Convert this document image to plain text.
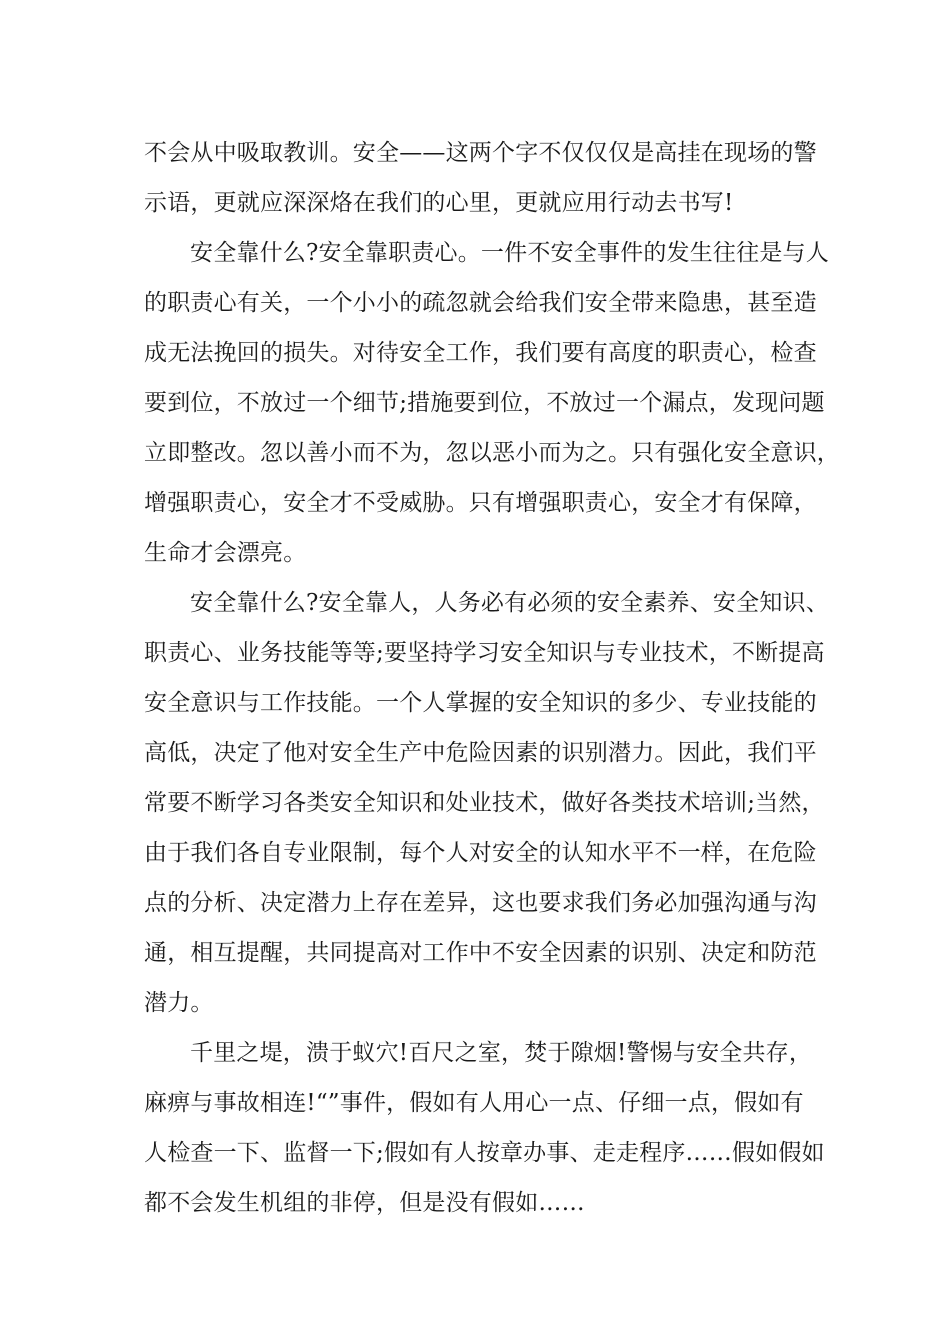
不会从中吸取教训。安全——这两个字不仅仅仅是高挂在现场的警
示语，更就应深深烙在我们的心里，更就应用行动去书写!

安全靠什么?安全靠职责心。一件不安全事件的发生往往是与人
的职责心有关，一个小小的疏忽就会给我们安全带来隐患，甚至造
成无法挽回的损失。对待安全工作，我们要有高度的职责心，检查
要到位，不放过一个细节;措施要到位，不放过一个漏点，发现问题
立即整改。忽以善小而不为，忽以恶小而为之。只有强化安全意识，
增强职责心，安全才不受威胁。只有增强职责心，安全才有保障，
生命才会漂亮。

安全靠什么?安全靠人，人务必有必须的安全素养、安全知识、
职责心、业务技能等等;要坚持学习安全知识与专业技术，不断提高
安全意识与工作技能。一个人掌握的安全知识的多少、专业技能的
高低，决定了他对安全生产中危险因素的识别潜力。因此，我们平
常要不断学习各类安全知识和处业技术，做好各类技术培训;当然，
由于我们各自专业限制，每个人对安全的认知水平不一样，在危险
点的分析、决定潜力上存在差异，这也要求我们务必加强沟通与沟
通，相互提醒，共同提高对工作中不安全因素的识别、决定和防范
潜力。

千里之堤，溃于蚁穴!百尺之室，焚于隙烟!警惕与安全共存，
麻痹与事故相连!“”事件，假如有人用心一点、仔细一点，假如有
人检查一下、监督一下;假如有人按章办事、走走程序……假如假如
都不会发生机组的非停，但是没有假如……
